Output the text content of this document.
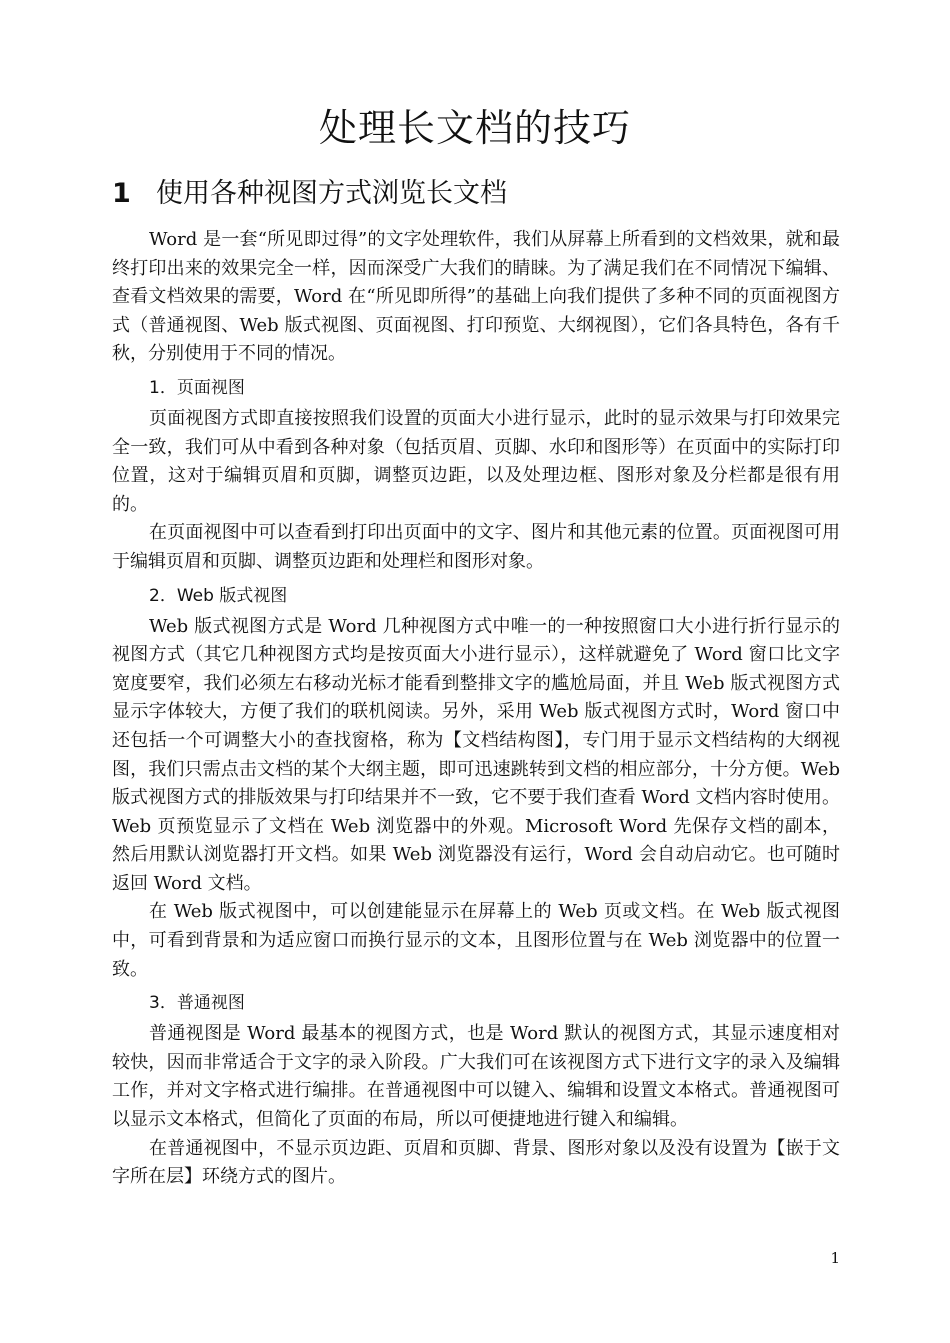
处理长文档的技巧
1 使用各种视图方式浏览长文档

Word 是一套“所见即过得”的文字处理软件，我们从屏幕上所看到的文档效果，就和最终打印出来的效果完全一样，因而深受广大我们的睛睐。为了满足我们在不同情况下编辑、查看文档效果的需要，Word 在“所见即所得”的基础上向我们提供了多种不同的页面视图方式（普通视图、Web 版式视图、页面视图、打印预览、大纲视图），它们各具特色，各有千秋，分别使用于不同的情况。

1．页面视图

页面视图方式即直接按照我们设置的页面大小进行显示，此时的显示效果与打印效果完全一致，我们可从中看到各种对象（包括页眉、页脚、水印和图形等）在页面中的实际打印位置，这对于编辑页眉和页脚，调整页边距，以及处理边框、图形对象及分栏都是很有用的。

在页面视图中可以查看到打印出页面中的文字、图片和其他元素的位置。页面视图可用于编辑页眉和页脚、调整页边距和处理栏和图形对象。

2．Web 版式视图

Web 版式视图方式是 Word 几种视图方式中唯一的一种按照窗口大小进行折行显示的视图方式（其它几种视图方式均是按页面大小进行显示），这样就避免了 Word 窗口比文字宽度要窄，我们必须左右移动光标才能看到整排文字的尴尬局面，并且 Web 版式视图方式显示字体较大，方便了我们的联机阅读。另外，采用 Web 版式视图方式时，Word 窗口中还包括一个可调整大小的查找窗格，称为【文档结构图】，专门用于显示文档结构的大纲视图，我们只需点击文档的某个大纲主题，即可迅速跳转到文档的相应部分，十分方便。Web 版式视图方式的排版效果与打印结果并不一致，它不要于我们查看 Word 文档内容时使用。Web 页预览显示了文档在 Web 浏览器中的外观。Microsoft Word 先保存文档的副本，然后用默认浏览器打开文档。如果 Web 浏览器没有运行，Word 会自动启动它。也可随时返回 Word 文档。

在 Web 版式视图中，可以创建能显示在屏幕上的 Web 页或文档。在 Web 版式视图中，可看到背景和为适应窗口而换行显示的文本，且图形位置与在 Web 浏览器中的位置一致。

3．普通视图

普通视图是 Word 最基本的视图方式，也是 Word 默认的视图方式，其显示速度相对较快，因而非常适合于文字的录入阶段。广大我们可在该视图方式下进行文字的录入及编辑工作，并对文字格式进行编排。在普通视图中可以键入、编辑和设置文本格式。普通视图可以显示文本格式，但简化了页面的布局，所以可便捷地进行键入和编辑。

在普通视图中，不显示页边距、页眉和页脚、背景、图形对象以及没有设置为【嵌于文字所在层】环绕方式的图片。

1
